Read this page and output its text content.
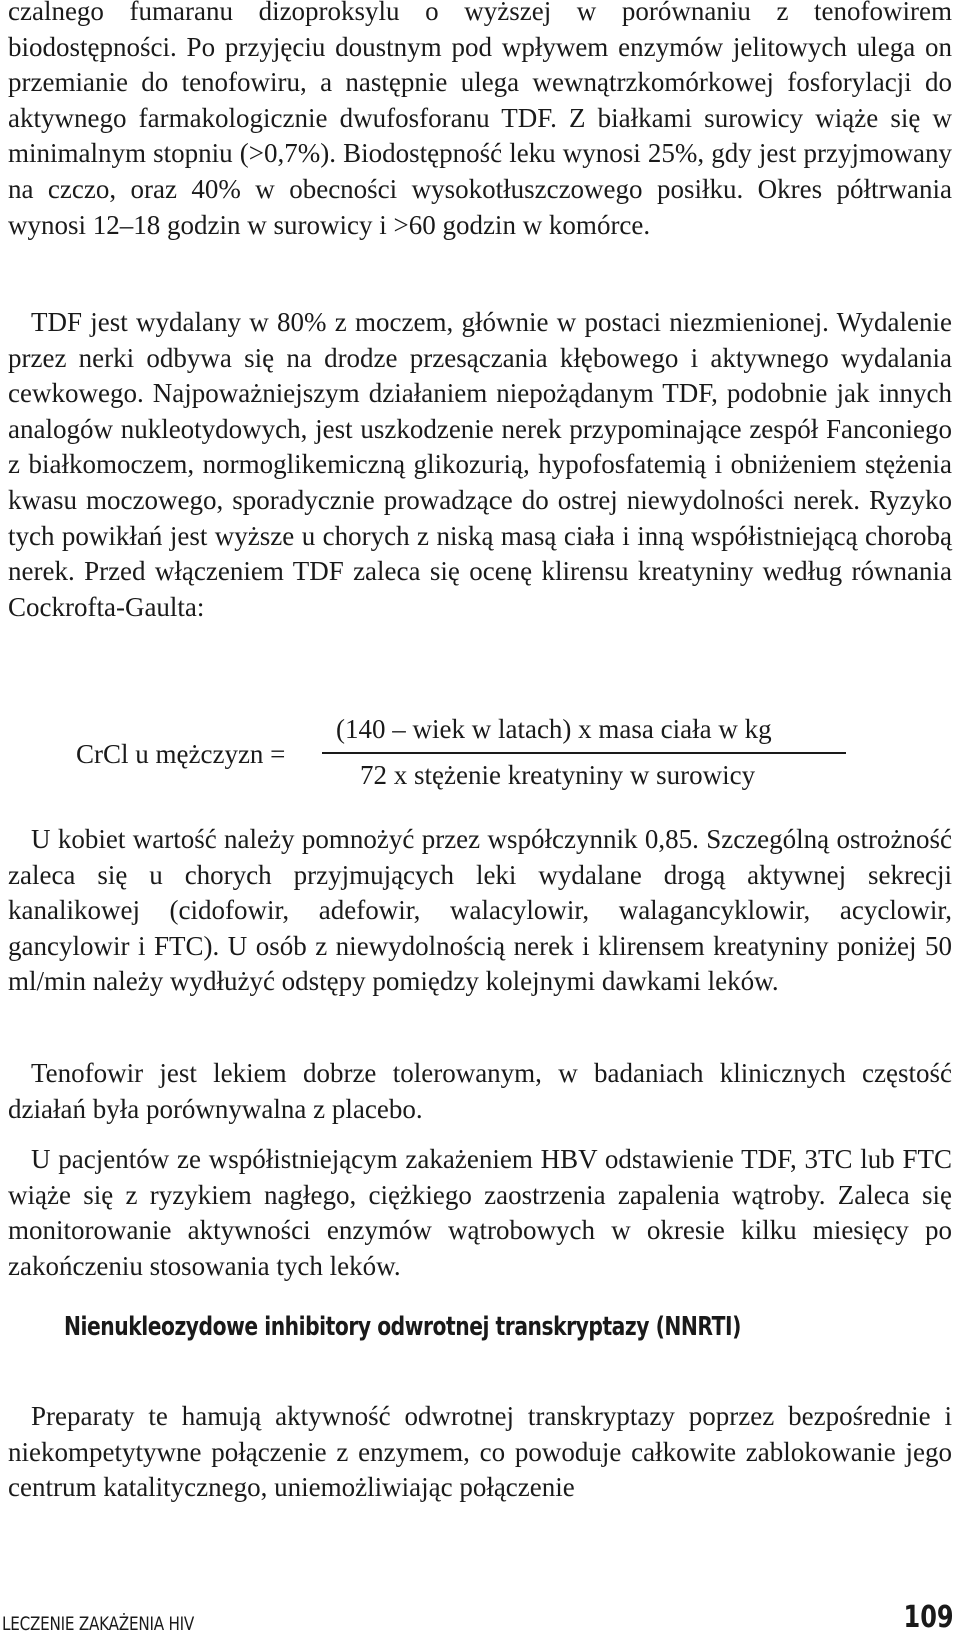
czalnego fumaranu dizoproksylu o wyższej w porównaniu z tenofowirem biodostępności. Po przyjęciu doustnym pod wpływem enzymów jelitowych ulega on przemianie do tenofowiru, a następnie ulega wewnątrzkomórkowej fosforylacji do aktywnego farmakologicznie dwufosforanu TDF. Z białkami surowicy wiąże się w minimalnym stopniu (>0,7%). Biodostępność leku wynosi 25%, gdy jest przyjmowany na czczo, oraz 40% w obecności wysokotłuszczowego posiłku. Okres półtrwania wynosi 12–18 godzin w surowicy i >60 godzin w komórce.

TDF jest wydalany w 80% z moczem, głównie w postaci niezmienionej. Wydalenie przez nerki odbywa się na drodze przesączania kłębowego i aktywnego wydalania cewkowego. Najpoważniejszym działaniem niepożądanym TDF, podobnie jak innych analogów nukleotydowych, jest uszkodzenie nerek przypominające zespół Fanconiego z białkomoczem, normoglikemiczną glikozurią, hypofosfatemią i obniżeniem stężenia kwasu moczowego, sporadycznie prowadzące do ostrej niewydolności nerek. Ryzyko tych powikłań jest wyższe u chorych z niską masą ciała i inną współistniejącą chorobą nerek. Przed włączeniem TDF zaleca się ocenę klirensu kreatyniny według równania Cockrofta-Gaulta:

CrCl u mężczyzn =
(140 – wiek w latach) x masa ciała w kg
72 x stężenie kreatyniny w surowicy

U kobiet wartość należy pomnożyć przez współczynnik 0,85. Szczególną ostrożność zaleca się u chorych przyjmujących leki wydalane drogą aktywnej sekrecji kanalikowej (cidofowir, adefowir, walacylowir, walagancyklowir, acyclowir, gancylowir i FTC). U osób z niewydolnością nerek i klirensem kreatyniny poniżej 50 ml/min należy wydłużyć odstępy pomiędzy kolejnymi dawkami leków.

Tenofowir jest lekiem dobrze tolerowanym, w badaniach klinicznych częstość działań była porównywalna z placebo.

U pacjentów ze współistniejącym zakażeniem HBV odstawienie TDF, 3TC lub FTC wiąże się z ryzykiem nagłego, ciężkiego zaostrzenia zapalenia wątroby. Zaleca się monitorowanie aktywności enzymów wątrobowych w okresie kilku miesięcy po zakończeniu stosowania tych leków.

Nienukleozydowe inhibitory odwrotnej transkryptazy (NNRTI)

Preparaty te hamują aktywność odwrotnej transkryptazy poprzez bezpośrednie i niekompetytywne połączenie z enzymem, co powoduje całkowite zablokowanie jego centrum katalitycznego, uniemożliwiając połączenie

LECZENIE ZAKAŻENIA HIV	109
